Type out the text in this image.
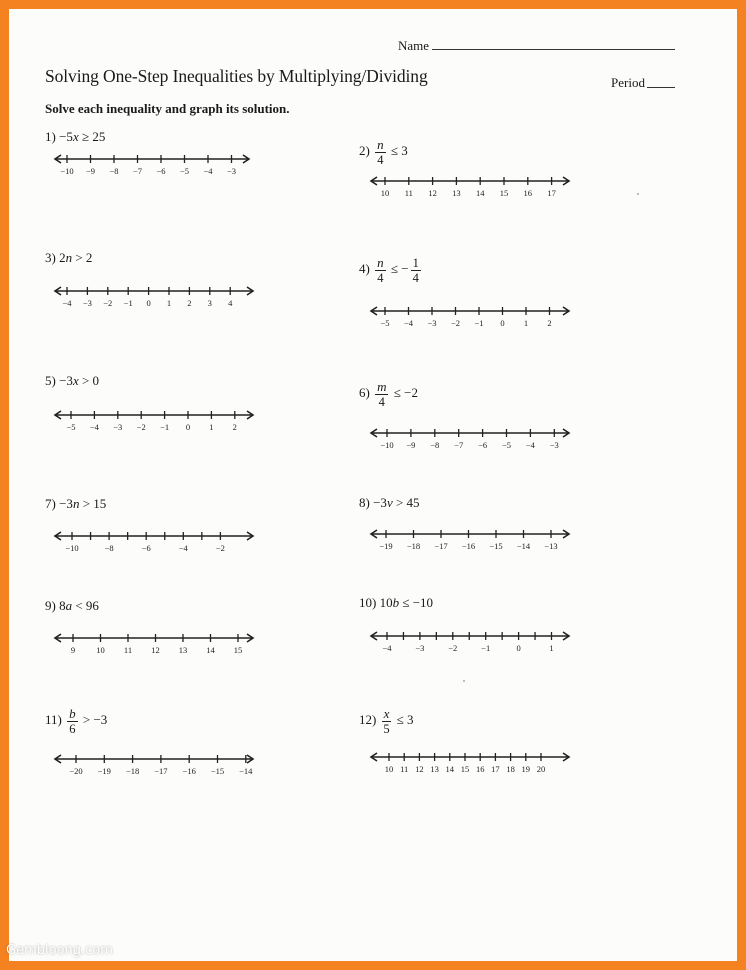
Name
Solving One-Step Inequalities by Multiplying/Dividing	Period
Solve each inequality and graph its solution.
1) −5x ≥ 25
−10 −9 −8 −7 −6 −5 −4 −3
$2) \frac{n}{4} \le 3$
10 11 12 13 14 15 16 17
3) 2n > 2
−4 −3 −2 −1 0 1 2 3 4
$4) \frac{n}{4}$ ≤ − $\frac{1}{4}$
−5 −4 −3 −2 −1 0 1 2
5) −3x > 0
−5 −4 −3 −2 −1 0 1 2
$6) \frac{m}{4} \le -2$
−10 −9 −8 −7 −6 −5 −4 −3
7) −3n > 15
−10	−8	−6	−4	−2
8) −3v > 45
−19 −18 −17 −16 −15 −14 −13
9) 8a < 96
9 10 11 12 13 14 15
10) 10b ≤ −10
−4	−3	−2	−1	0	1
$11) \frac{b}{6} > -3$
−20 −19 −18 −17 −16 −15 −14
$12) \frac{x}{5} \le 3$
10 11 12 13 14 15 16 17 18 19 20
Gembloong.com
